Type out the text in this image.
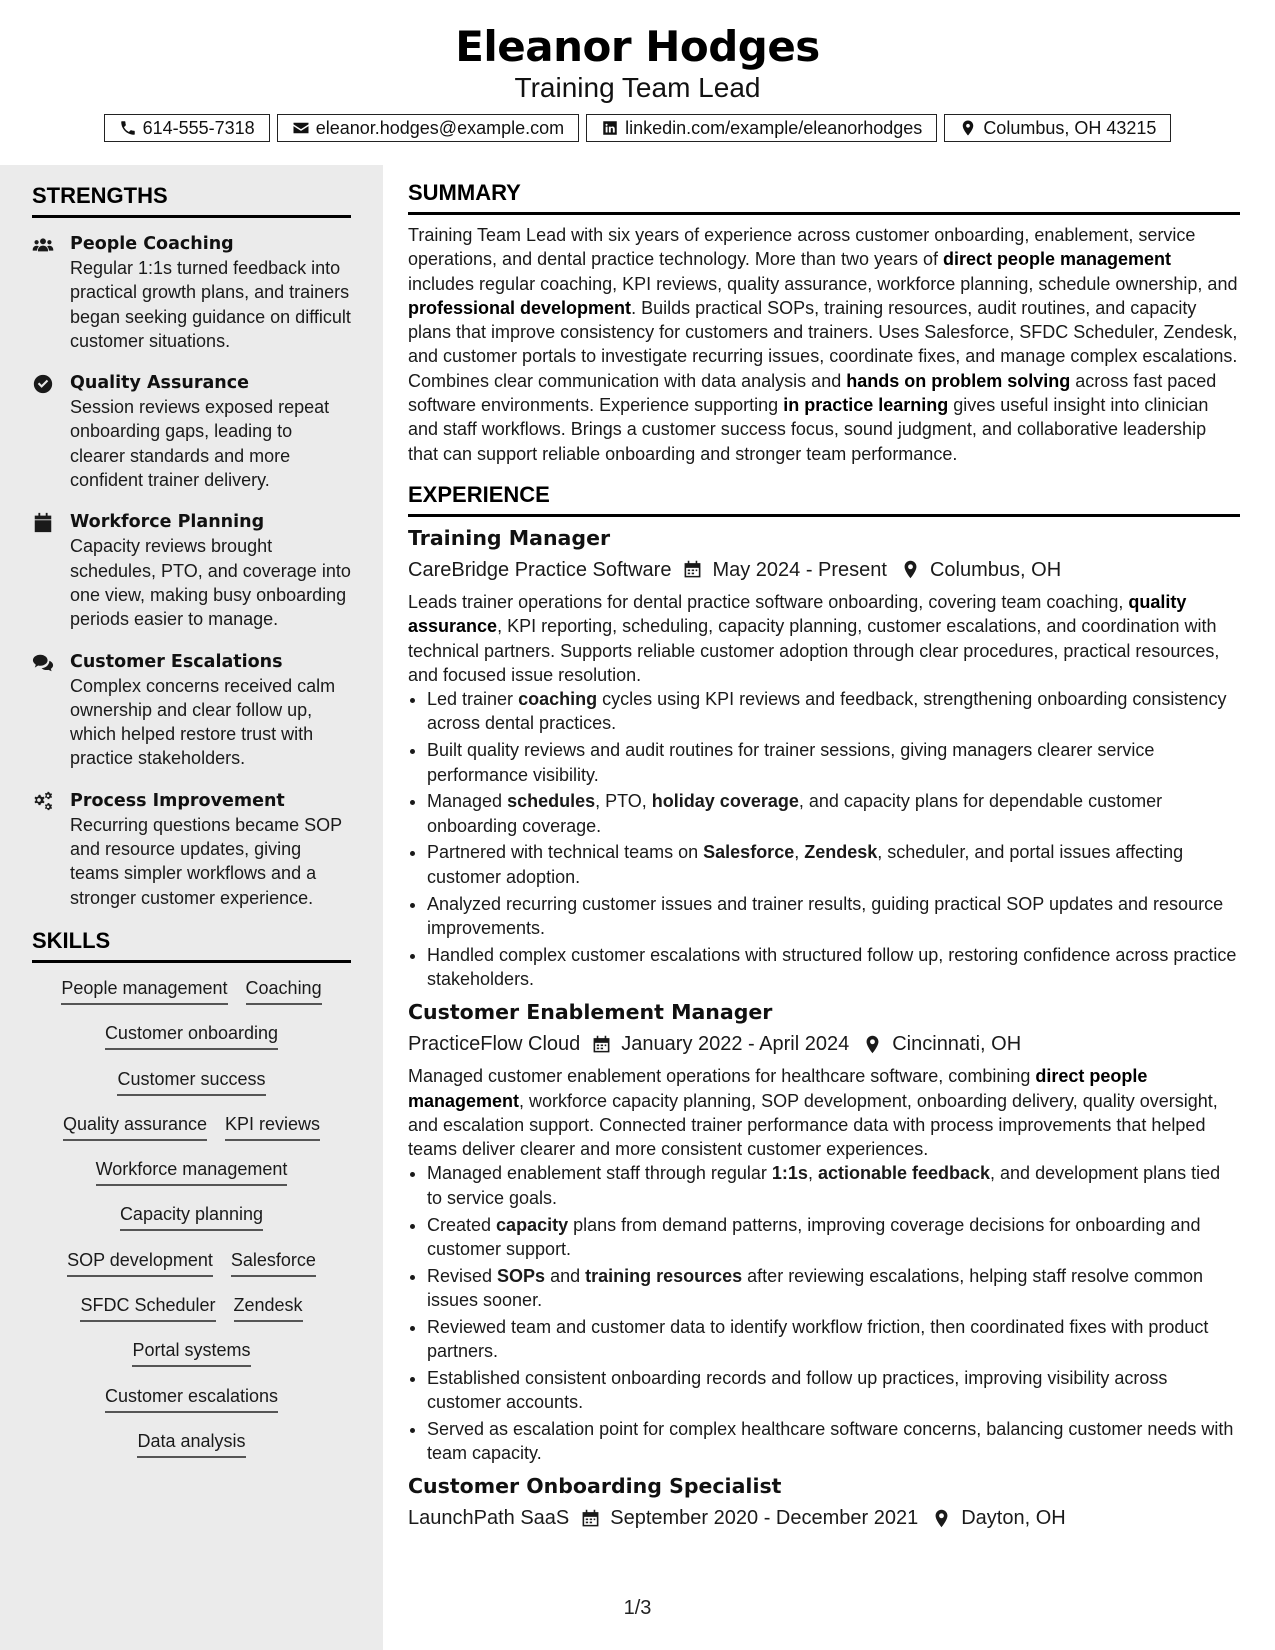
Eleanor Hodges
Training Team Lead
614-555-7318	eleanor.hodges@example.com	linkedin.com/example/eleanorhodges	Columbus, OH 43215
STRENGTHS
People Coaching
Regular 1:1s turned feedback into practical growth plans, and trainers began seeking guidance on difficult customer situations.
Quality Assurance
Session reviews exposed repeat onboarding gaps, leading to clearer standards and more confident trainer delivery.
Workforce Planning
Capacity reviews brought schedules, PTO, and coverage into one view, making busy onboarding periods easier to manage.
Customer Escalations
Complex concerns received calm ownership and clear follow up, which helped restore trust with practice stakeholders.
Process Improvement
Recurring questions became SOP and resource updates, giving teams simpler workflows and a stronger customer experience.
SKILLS
People management Coaching
Customer onboarding
Customer success
Quality assurance KPI reviews
Workforce management
Capacity planning
SOP development Salesforce
SFDC Scheduler Zendesk
Portal systems
Customer escalations
Data analysis
SUMMARY
Training Team Lead with six years of experience across customer onboarding, enablement, service operations, and dental practice technology. More than two years of direct people management includes regular coaching, KPI reviews, quality assurance, workforce planning, schedule ownership, and professional development. Builds practical SOPs, training resources, audit routines, and capacity plans that improve consistency for customers and trainers. Uses Salesforce, SFDC Scheduler, Zendesk, and customer portals to investigate recurring issues, coordinate fixes, and manage complex escalations. Combines clear communication with data analysis and hands on problem solving across fast paced software environments. Experience supporting in practice learning gives useful insight into clinician and staff workflows. Brings a customer success focus, sound judgment, and collaborative leadership that can support reliable onboarding and stronger team performance.
EXPERIENCE
Training Manager
CareBridge Practice Software May 2024 - Present Columbus, OH
Leads trainer operations for dental practice software onboarding, covering team coaching, quality assurance, KPI reporting, scheduling, capacity planning, customer escalations, and coordination with technical partners. Supports reliable customer adoption through clear procedures, practical resources, and focused issue resolution.
• Led trainer coaching cycles using KPI reviews and feedback, strengthening onboarding consistency across dental practices.
• Built quality reviews and audit routines for trainer sessions, giving managers clearer service performance visibility.
• Managed schedules, PTO, holiday coverage, and capacity plans for dependable customer onboarding coverage.
• Partnered with technical teams on Salesforce, Zendesk, scheduler, and portal issues affecting customer adoption.
• Analyzed recurring customer issues and trainer results, guiding practical SOP updates and resource improvements.
• Handled complex customer escalations with structured follow up, restoring confidence across practice stakeholders.
Customer Enablement Manager
PracticeFlow Cloud January 2022 - April 2024 Cincinnati, OH
Managed customer enablement operations for healthcare software, combining direct people management, workforce capacity planning, SOP development, onboarding delivery, quality oversight, and escalation support. Connected trainer performance data with process improvements that helped teams deliver clearer and more consistent customer experiences.
• Managed enablement staff through regular 1:1s, actionable feedback, and development plans tied to service goals.
• Created capacity plans from demand patterns, improving coverage decisions for onboarding and customer support.
• Revised SOPs and training resources after reviewing escalations, helping staff resolve common issues sooner.
• Reviewed team and customer data to identify workflow friction, then coordinated fixes with product partners.
• Established consistent onboarding records and follow up practices, improving visibility across customer accounts.
• Served as escalation point for complex healthcare software concerns, balancing customer needs with team capacity.
Customer Onboarding Specialist
LaunchPath SaaS September 2020 - December 2021 Dayton, OH
1/3
